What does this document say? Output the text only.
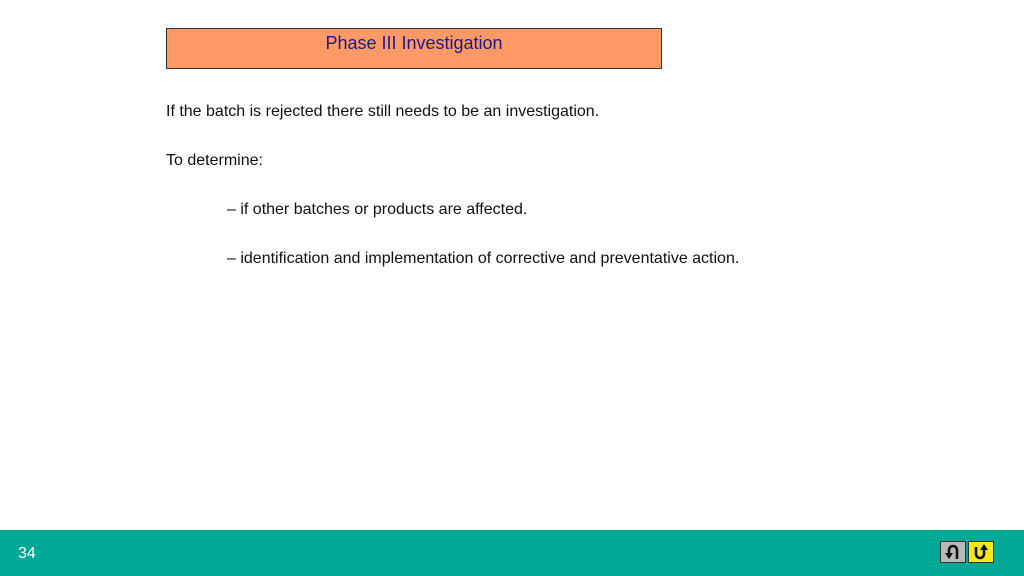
Phase III Investigation
If the batch is rejected there still needs to be an investigation.
To determine:
– if other batches or products are affected.
– identification and implementation of corrective and preventative action.
34
